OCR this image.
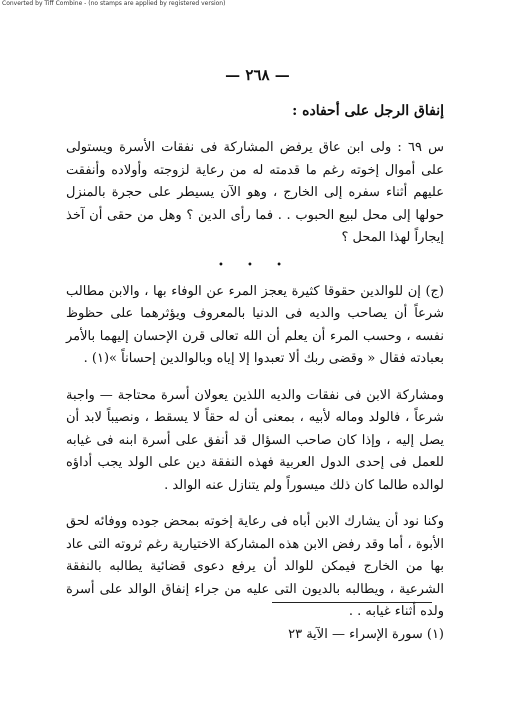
Converted by Tiff Combine - (no stamps are applied by registered version)
— ٢٦٨ —
إنفاق الرجل على أحفاده :

س ٦٩ : ولى ابن عاق يرفض المشاركة فى نفقات الأسرة ويستولى على أموال إخوته رغم ما قدمته له من رعاية لزوجته وأولاده وأنفقت عليهم أثناء سفره إلى الخارج ، وهو الآن يسيطر على حجرة بالمنزل حولها إلى محل لبيع الحبوب . . فما رأى الدين ؟ وهل من حقى أن آخذ إيجاراً لهذا المحل ؟

• • •

(ج) إن للوالدين حقوقا كثيرة يعجز المرء عن الوفاء بها ، والابن مطالب شرعاً أن يصاحب والديه فى الدنيا بالمعروف ويؤثرهما على حظوظ نفسه ، وحسب المرء أن يعلم أن الله تعالى قرن الإحسان إليهما بالأمر بعبادته فقال « وقضى ربك ألا تعبدوا إلا إياه وبالوالدين إحساناً »(١) .

ومشاركة الابن فى نفقات والديه اللذين يعولان أسرة محتاجة — واجبة شرعاً ، فالولد وماله لأبيه ، بمعنى أن له حقاً لا يسقط ، ونصيباً لابد أن يصل إليه ، وإذا كان صاحب السؤال قد أنفق على أسرة ابنه فى غيابه للعمل فى إحدى الدول العربية فهذه النفقة دين على الولد يجب أداؤه لوالده طالما كان ذلك ميسوراً ولم يتنازل عنه الوالد .

وكنا نود أن يشارك الابن أباه فى رعاية إخوته بمحض جوده ووفائه لحق الأبوة ، أما وقد رفض الابن هذه المشاركة الاختيارية رغم ثروته التى عاد بها من الخارج فيمكن للوالد أن يرفع دعوى قضائية يطالبه بالنفقة الشرعية ، ويطالبه بالديون التى عليه من جراء إنفاق الوالد على أسرة ولده أثناء غيابه . .

(١) سورة الإسراء — الآية ٢٣
